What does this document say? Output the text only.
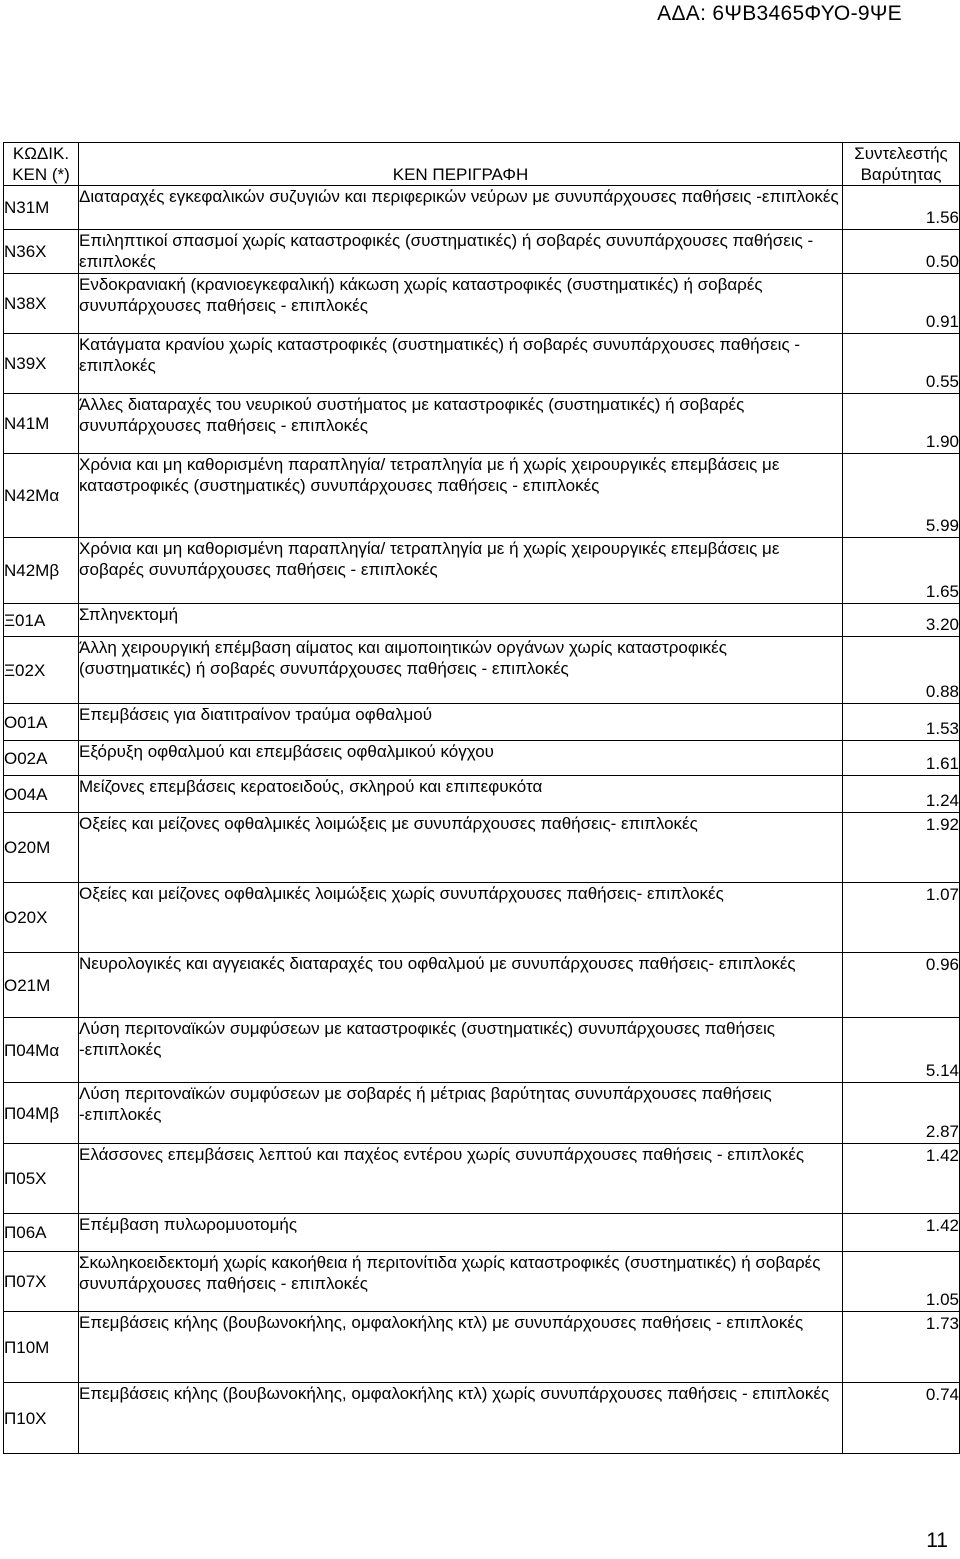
ΑΔΑ: 6ΨΒ3465ΦΥΟ-9ΨΕ
ΚΩΔΙΚ. ΚΕΝ (*)	ΚΕΝ ΠΕΡΙΓΡΑΦΗ	Συντελεστής Βαρύτητας
Ν31Μ	Διαταραχές εγκεφαλικών συζυγιών και περιφερικών νεύρων με συνυπάρχουσες παθήσεις -επιπλοκές	1.56
Ν36Χ	Επιληπτικοί σπασμοί χωρίς καταστροφικές (συστηματικές) ή σοβαρές συνυπάρχουσες παθήσεις - επιπλοκές	0.50
Ν38Χ	Ενδοκρανιακή (κρανιοεγκεφαλική) κάκωση χωρίς καταστροφικές (συστηματικές) ή σοβαρές συνυπάρχουσες παθήσεις - επιπλοκές	0.91
Ν39Χ	Κατάγματα κρανίου χωρίς καταστροφικές (συστηματικές) ή σοβαρές συνυπάρχουσες παθήσεις - επιπλοκές	0.55
Ν41Μ	Άλλες διαταραχές του νευρικού συστήματος με καταστροφικές (συστηματικές) ή σοβαρές συνυπάρχουσες παθήσεις - επιπλοκές	1.90
Ν42Μα	Χρόνια και μη καθορισμένη παραπληγία/ τετραπληγία με ή χωρίς χειρουργικές επεμβάσεις με καταστροφικές (συστηματικές) συνυπάρχουσες παθήσεις - επιπλοκές	5.99
Ν42Μβ	Χρόνια και μη καθορισμένη παραπληγία/ τετραπληγία με ή χωρίς χειρουργικές επεμβάσεις με σοβαρές συνυπάρχουσες παθήσεις - επιπλοκές	1.65
Ξ01Α	Σπληνεκτομή	3.20
Ξ02Χ	Άλλη χειρουργική επέμβαση αίματος και αιμοποιητικών οργάνων χωρίς καταστροφικές (συστηματικές) ή σοβαρές συνυπάρχουσες παθήσεις - επιπλοκές	0.88
Ο01Α	Επεμβάσεις για διατιτραίνον τραύμα οφθαλμού	1.53
Ο02Α	Εξόρυξη οφθαλμού και επεμβάσεις οφθαλμικού κόγχου	1.61
Ο04Α	Μείζονες επεμβάσεις κερατοειδούς, σκληρού και επιπεφυκότα	1.24
Ο20Μ	Οξείες και μείζονες οφθαλμικές λοιμώξεις με συνυπάρχουσες παθήσεις- επιπλοκές	1.92
Ο20Χ	Οξείες και μείζονες οφθαλμικές λοιμώξεις χωρίς συνυπάρχουσες παθήσεις- επιπλοκές	1.07
Ο21Μ	Νευρολογικές και αγγειακές διαταραχές του οφθαλμού με συνυπάρχουσες παθήσεις- επιπλοκές	0.96
Π04Μα	Λύση περιτοναϊκών συμφύσεων με καταστροφικές (συστηματικές) συνυπάρχουσες παθήσεις -επιπλοκές	5.14
Π04Μβ	Λύση περιτοναϊκών συμφύσεων με σοβαρές ή μέτριας βαρύτητας συνυπάρχουσες παθήσεις -επιπλοκές	2.87
Π05Χ	Ελάσσονες επεμβάσεις λεπτού και παχέος εντέρου χωρίς συνυπάρχουσες παθήσεις - επιπλοκές	1.42
Π06Α	Επέμβαση πυλωρομυοτομής	1.42
Π07Χ	Σκωληκοειδεκτομή χωρίς κακοήθεια ή περιτονίτιδα χωρίς καταστροφικές (συστηματικές) ή σοβαρές συνυπάρχουσες παθήσεις - επιπλοκές	1.05
Π10Μ	Επεμβάσεις κήλης (βουβωνοκήλης, ομφαλοκήλης κτλ) με συνυπάρχουσες παθήσεις - επιπλοκές	1.73
Π10Χ	Επεμβάσεις κήλης (βουβωνοκήλης, ομφαλοκήλης κτλ) χωρίς συνυπάρχουσες παθήσεις - επιπλοκές	0.74
11
